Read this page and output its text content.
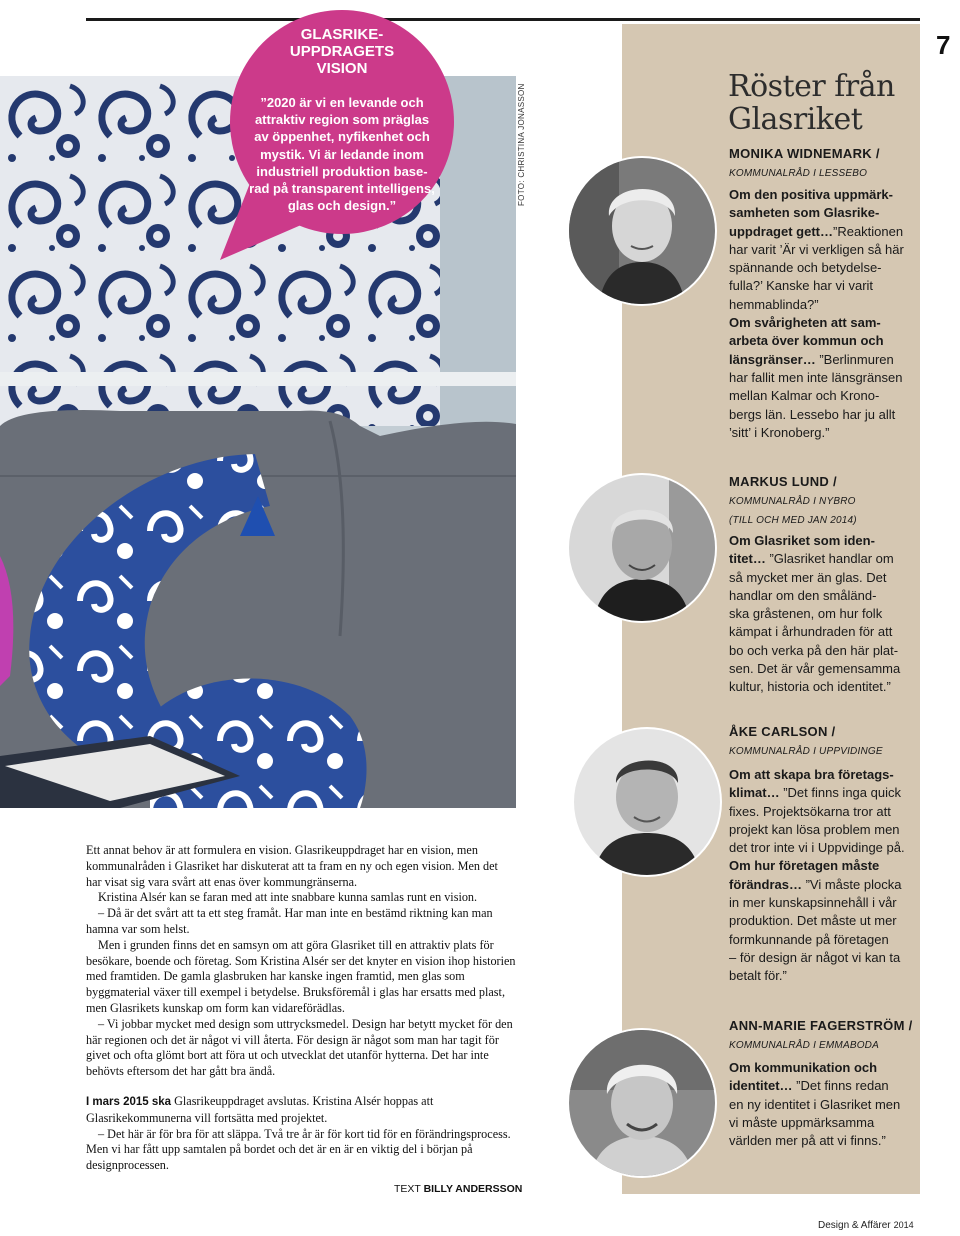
7
FOTO: CHRISTINA JONASSON
GLASRIKE-
UPPDRAGETS
VISION
”2020 är vi en levande och
attraktiv region som präglas
av öppenhet, nyfikenhet och
mystik. Vi är ledande inom
industriell produktion base-
rad på transparent intelligens,
glas och design.”
Röster från
Glasriket
MONIKA WIDNEMARK /
KOMMUNALRÅD I LESSEBO
Om den positiva uppmärk-
samheten som Glasrike-
uppdraget gett…”Reaktionen
har varit ’Är vi verkligen så här
spännande och betydelse-
fulla?’ Kanske har vi varit
hemmablinda?”
Om svårigheten att sam-
arbeta över kommun och
länsgränser… ”Berlinmuren
har fallit men inte länsgränsen
mellan Kalmar och Krono-
bergs län. Lessebo har ju allt
’sitt’ i Kronoberg.”
MARKUS LUND /
KOMMUNALRÅD I NYBRO
(TILL OCH MED JAN 2014)
Om Glasriket som iden-
titet… ”Glasriket handlar om
så mycket mer än glas. Det
handlar om den småländ-
ska gråstenen, om hur folk
kämpat i århundraden för att
bo och verka på den här plat-
sen. Det är vår gemensamma
kultur, historia och identitet.”
ÅKE CARLSON /
KOMMUNALRÅD I UPPVIDINGE
Om att skapa bra företags-
klimat… ”Det finns inga quick
fixes. Projektsökarna tror att
projekt kan lösa problem men
det tror inte vi i Uppvidinge på.
Om hur företagen måste
förändras… ”Vi måste plocka
in mer kunskapsinnehåll i vår
produktion. Det måste ut mer
formkunnande på företagen
– för design är något vi kan ta
betalt för.”
ANN-MARIE FAGERSTRÖM /
KOMMUNALRÅD I EMMABODA
Om kommunikation och
identitet… ”Det finns redan
en ny identitet i Glasriket men
vi måste uppmärksamma
världen mer på att vi finns.”

Ett annat behov är att formulera en vision. Glasrikeuppdraget har en vision, men kommunalråden i Glasriket har diskuterat att ta fram en ny och egen vision. Men det har visat sig vara svårt att enas över kommungränserna.

Kristina Alsér kan se faran med att inte snabbare kunna samlas runt en vision.

– Då är det svårt att ta ett steg framåt. Har man inte en bestämd riktning kan man hamna var som helst.

Men i grunden finns det en samsyn om att göra Glasriket till en attraktiv plats för besökare, boende och företag. Som Kristina Alsér ser det knyter en vision ihop historien med framtiden. De gamla glasbruken har kanske ingen framtid, men glas som byggmaterial växer till exempel i betydelse. Bruksföremål i glas har ersatts med plast, men Glasrikets kunskap om form kan vidareförädlas.

– Vi jobbar mycket med design som uttrycksmedel. Design har betytt mycket för den här regionen och det är något vi vill återta. För design är något som man har tagit för givet och ofta glömt bort att föra ut och utvecklat det utanför hytterna. Det har inte behövts eftersom det har gått bra ändå.

I mars 2015 ska Glasrikeuppdraget avslutas. Kristina Alsér hoppas att Glasrikekommunerna vill fortsätta med projektet.

– Det här är för bra för att släppa. Två tre år är för kort tid för en förändringsprocess. Men vi har fått upp samtalen på bordet och det är en är en viktig del i början på designprocessen.

TEXT BILLY ANDERSSON
Design & Affärer 2014
